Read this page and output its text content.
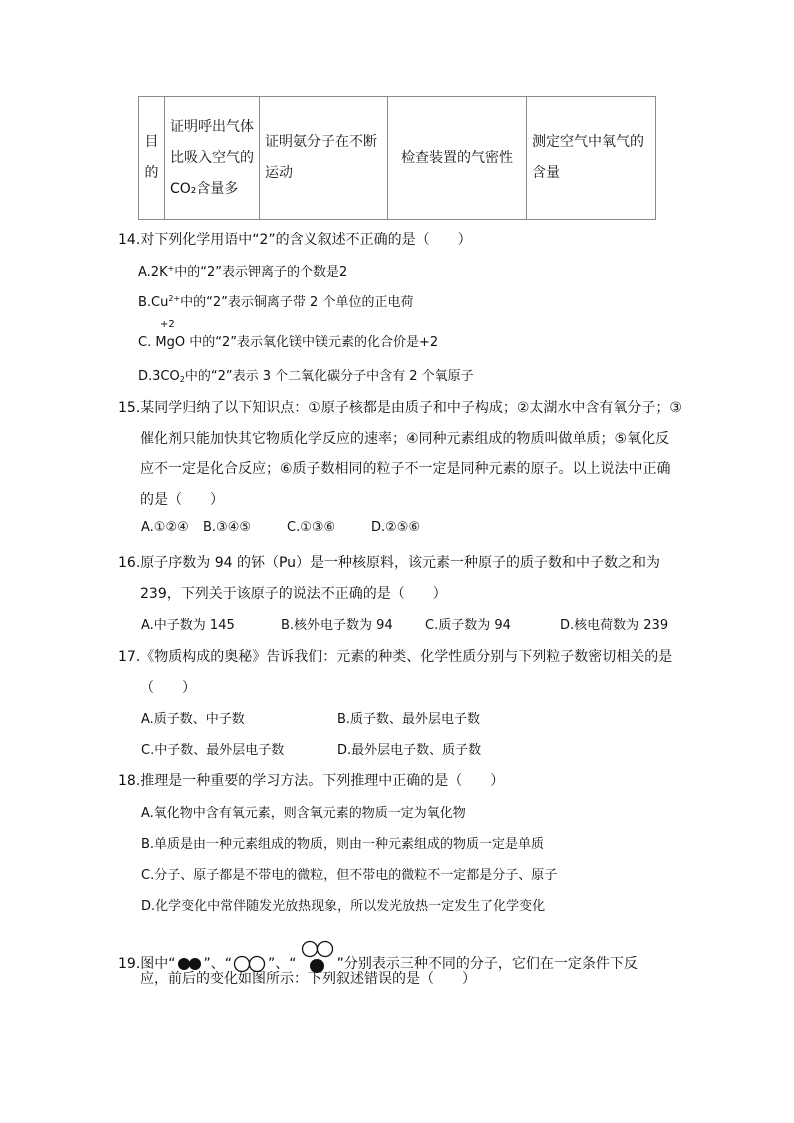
目的	证明呼出气体比吸入空气的CO₂含量多	证明氨分子在不断运动	检查装置的气密性	测定空气中氧气的含量
14.对下列化学用语中“2”的含义叙述不正确的是（　　）
A.2K+中的“2”表示钾离子的个数是2
$B.Cu^{2+}$中的“2”表示铜离子带 2 个单位的正电荷
+2
C. MgO 中的“2”表示氧化镁中镁元素的化合价是+2
$D.3CO_2$中的“2”表示 3 个二氧化碳分子中含有 2 个氧原子
15.某同学归纳了以下知识点：①原子核都是由质子和中子构成；②太湖水中含有氧分子；③
催化剂只能加快其它物质化学反应的速率；④同种元素组成的物质叫做单质；⑤氧化反
应不一定是化合反应；⑥质子数相同的粒子不一定是同种元素的原子。以上说法中正确
的是（　　）
A.①②④ B.③④⑤	C.①③⑥	D.②⑤⑥
16.原子序数为 94 的钚（Pu）是一种核原料，该元素一种原子的质子数和中子数之和为
239，下列关于该原子的说法不正确的是（　　）
A.中子数为 145	B.核外电子数为 94 C.质子数为 94	D.核电荷数为 239
17.《物质构成的奥秘》告诉我们：元素的种类、化学性质分别与下列粒子数密切相关的是
（　　）
A.质子数、中子数	B.质子数、最外层电子数
C.中子数、最外层电子数	D.最外层电子数、质子数
18.推理是一种重要的学习方法。下列推理中正确的是（　　）
A.氧化物中含有氧元素，则含氧元素的物质一定为氧化物
B.单质是由一种元素组成的物质，则由一种元素组成的物质一定是单质
C.分子、原子都是不带电的微粒，但不带电的微粒不一定都是分子、原子
D.化学变化中常伴随发光放热现象，所以发光放热一定发生了化学变化
19.图中“ ”、“	”、“	”分别表示三种不同的分子，它们在一定条件下反
应，前后的变化如图所示：下列叙述错误的是（　　）
